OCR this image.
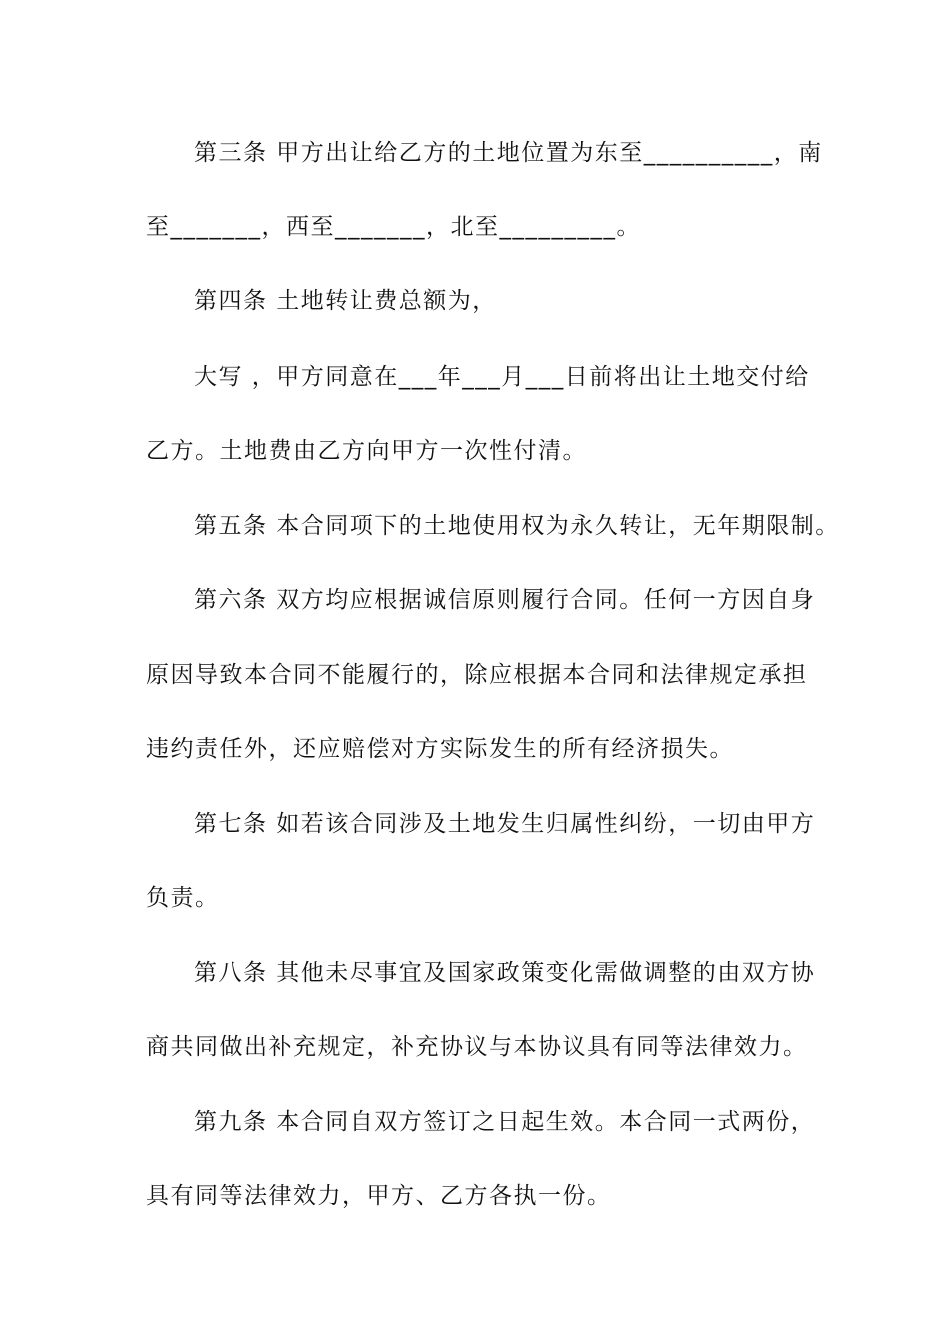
第三条 甲方出让给乙方的土地位置为东至__________，南
至_______，西至_______，北至_________。
第四条 土地转让费总额为，
大写 ，甲方同意在___年___月___日前将出让土地交付给
乙方。土地费由乙方向甲方一次性付清。
第五条 本合同项下的土地使用权为永久转让，无年期限制。
第六条 双方均应根据诚信原则履行合同。任何一方因自身
原因导致本合同不能履行的，除应根据本合同和法律规定承担
违约责任外，还应赔偿对方实际发生的所有经济损失。
第七条 如若该合同涉及土地发生归属性纠纷，一切由甲方
负责。
第八条 其他未尽事宜及国家政策变化需做调整的由双方协
商共同做出补充规定，补充协议与本协议具有同等法律效力。
第九条 本合同自双方签订之日起生效。本合同一式两份，
具有同等法律效力，甲方、乙方各执一份。
